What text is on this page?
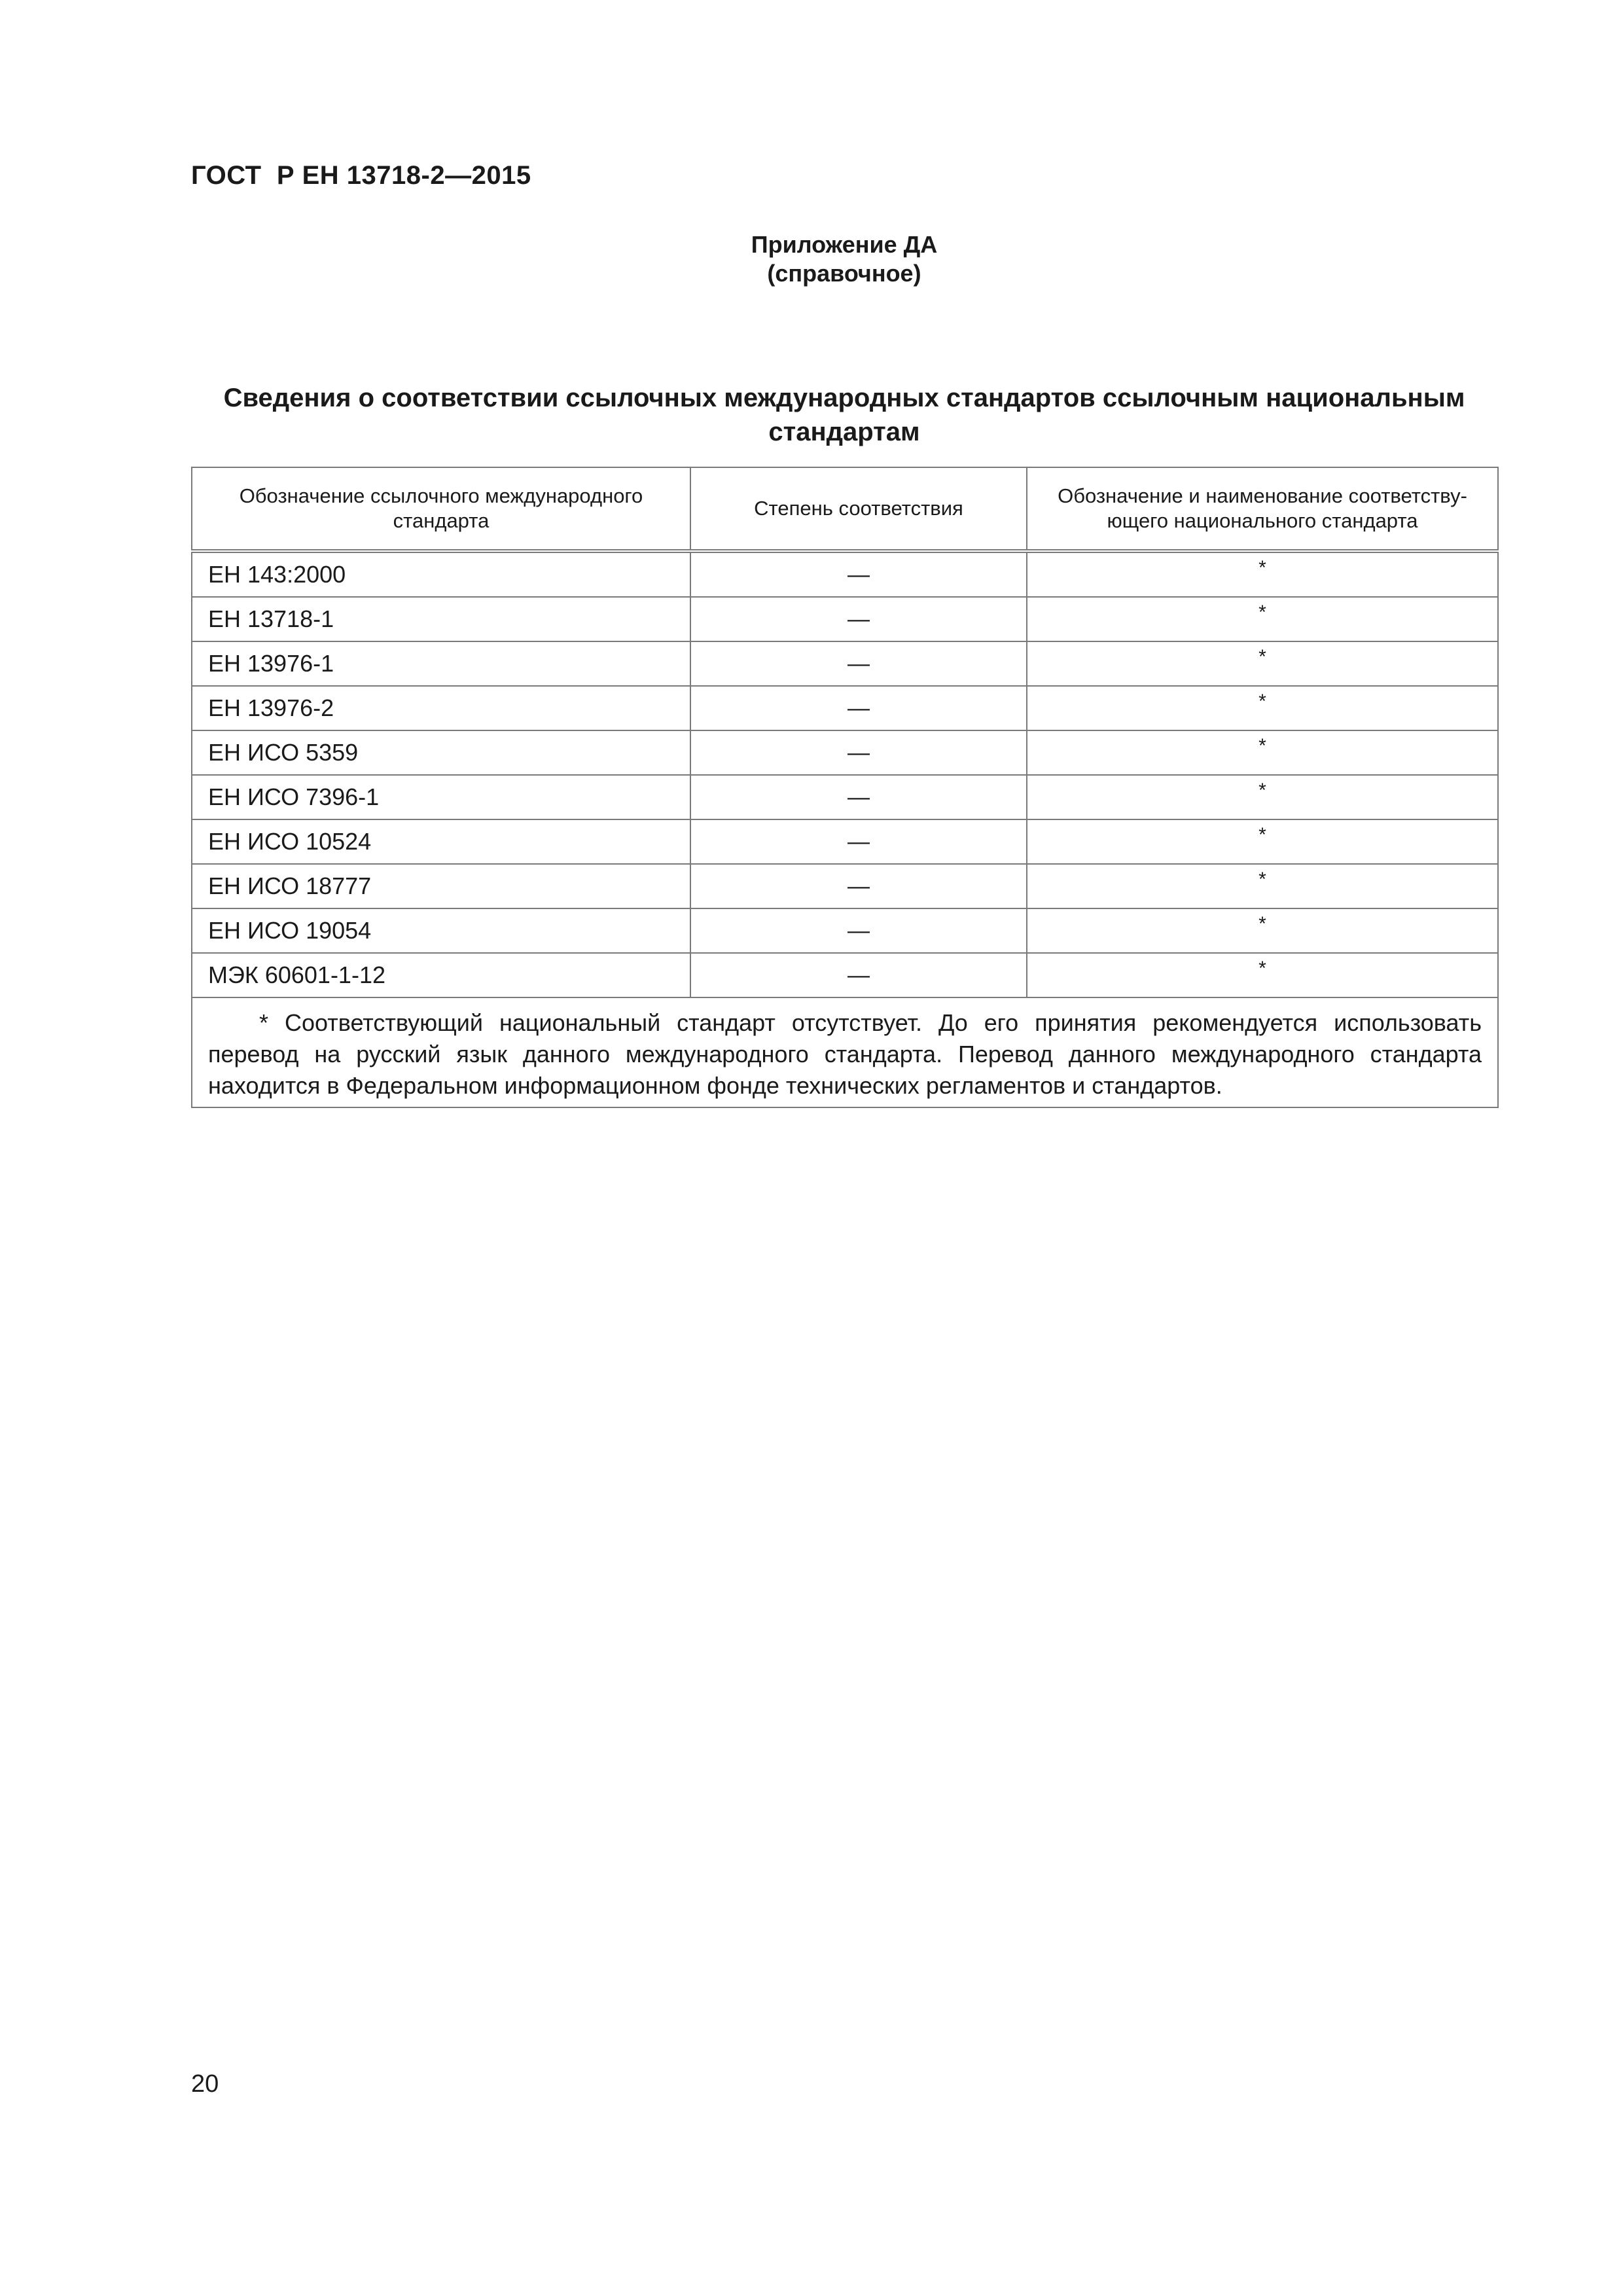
ГОСТ  Р ЕН 13718-2—2015
Приложение ДА
(справочное)
Сведения о соответствии ссылочных международных стандартов ссылочным национальным
стандартам
Обозначение ссылочного международного стандарта	Степень соответствия	Обозначение и наименование соответству-ющего национального стандарта
ЕН 143:2000	—	*
ЕН 13718-1	—	*
ЕН 13976-1	—	*
ЕН 13976-2	—	*
ЕН ИСО 5359	—	*
ЕН ИСО 7396-1	—	*
ЕН ИСО 10524	—	*
ЕН ИСО 18777	—	*
ЕН ИСО 19054	—	*
МЭК 60601-1-12	—	*
* Соответствующий национальный стандарт отсутствует. До его принятия рекомендуется использовать перевод на русский язык данного международного стандарта. Перевод данного международного стандарта находится в Федеральном информационном фонде технических регламентов и стандартов.		
20
